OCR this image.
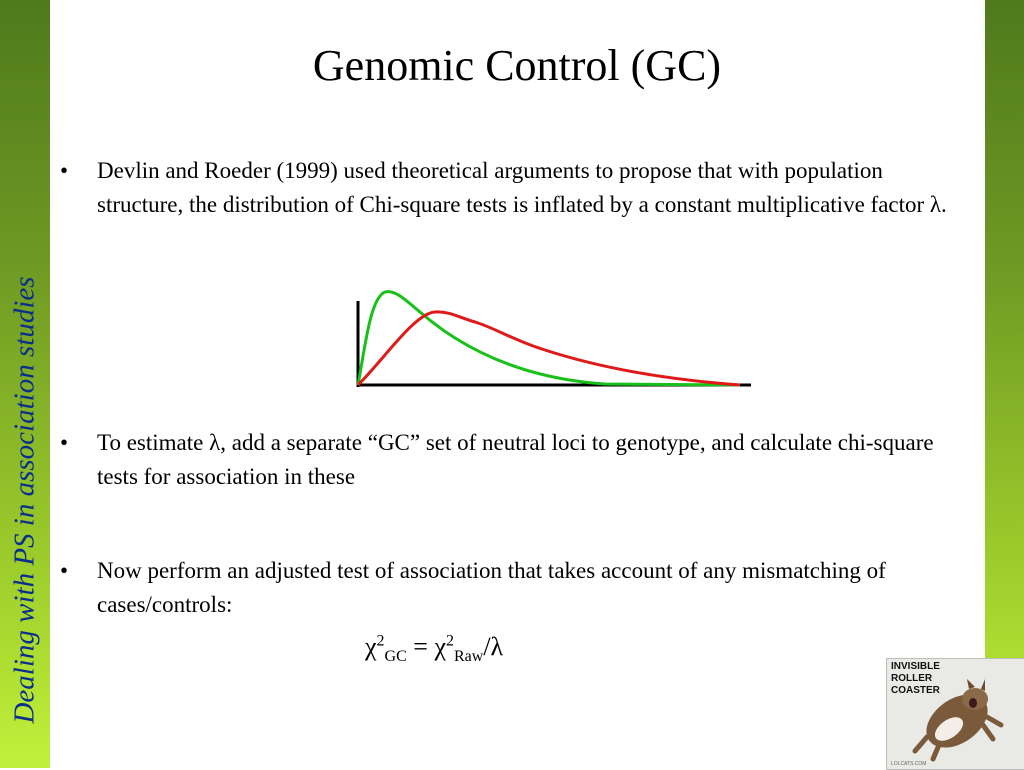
Dealing with PS in association studies
Genomic Control (GC)
• Devlin and Roeder (1999) used theoretical arguments to propose that with population structure, the distribution of Chi-square tests is inflated by a constant multiplicative factor λ.
• To estimate λ, add a separate “GC” set of neutral loci to genotype, and calculate chi-square tests for association in these
• Now perform an adjusted test of association that takes account of any mismatching of cases/controls:
$\chi^2_{GC} = \chi^2_{Raw}/\lambda$
INVISIBLE ROLLER COASTER
LOLCATS.COM
